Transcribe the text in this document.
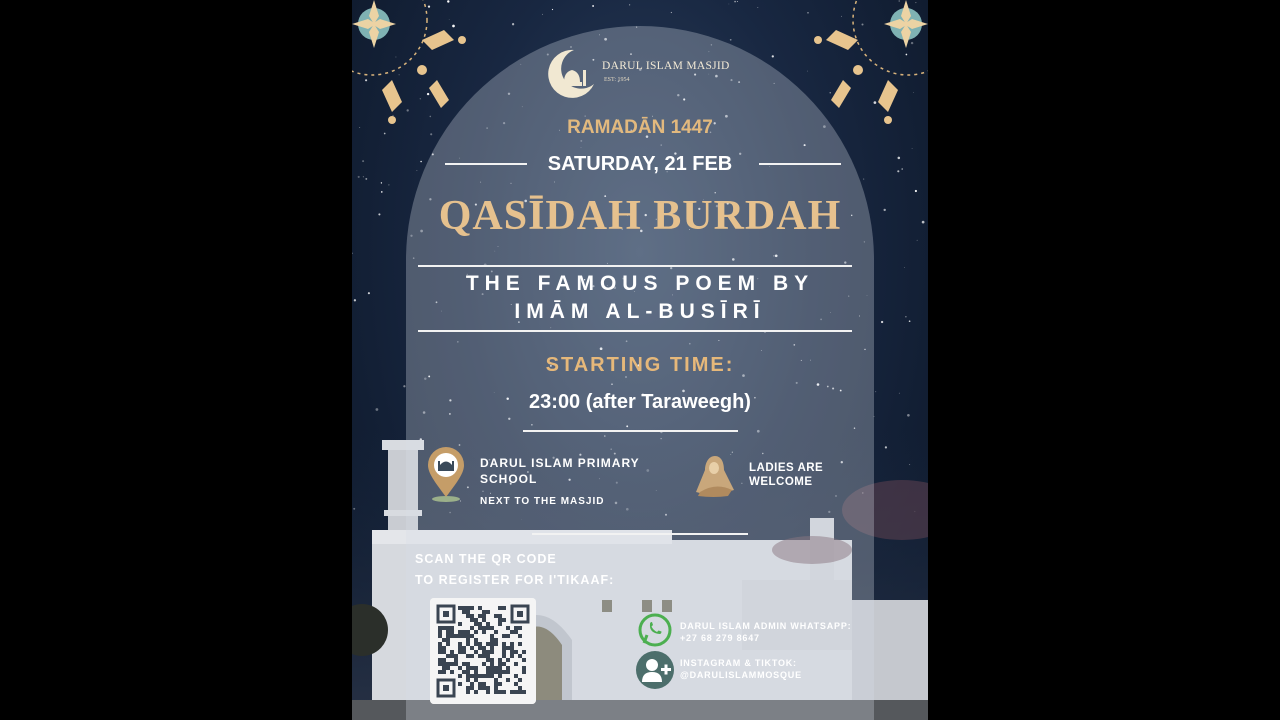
DARUL ISLAM MASJID
EST: 1954
RAMADĀN 1447
SATURDAY, 21 FEB
QASĪDAH BURDAH
THE FAMOUS POEM BY
IMĀM AL-BUSĪRĪ
STARTING TIME:
23:00 (after Taraweegh)
DARUL ISLAM PRIMARY
SCHOOL
NEXT TO THE MASJID
LADIES ARE
WELCOME
SCAN THE QR CODE
TO REGISTER FOR I'TIKAAF:
DARUL ISLAM ADMIN WHATSAPP:
+27 68 279 8647
INSTAGRAM & TIKTOK:
@DARULISLAMMOSQUE
